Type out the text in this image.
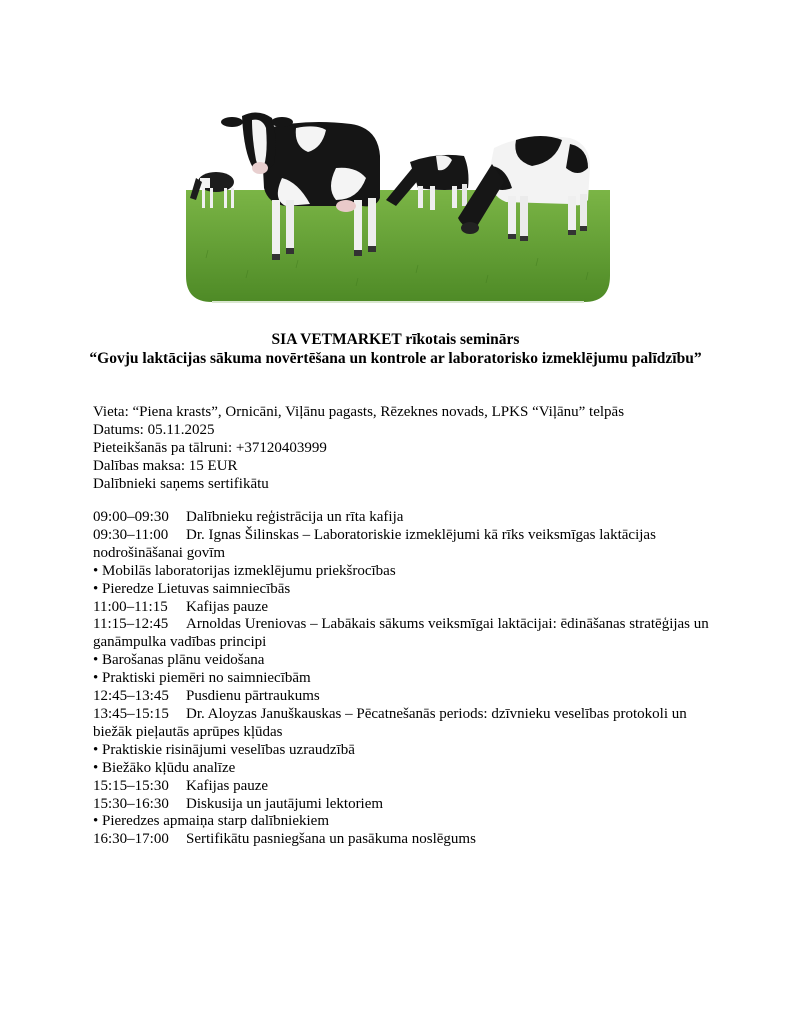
SIA VETMARKET rīkotais seminārs
“Govju laktācijas sākuma novērtēšana un kontrole ar laboratorisko izmeklējumu palīdzību”
Vieta: “Piena krasts”, Ornicāni, Viļānu pagasts, Rēzeknes novads, LPKS “Viļānu” telpās
Datums: 05.11.2025
Pieteikšanās pa tālruni: +37120403999
Dalības maksa: 15 EUR
Dalībnieki saņems sertifikātu
09:00–09:30 Dalībnieku reģistrācija un rīta kafija
09:30–11:00 Dr. Ignas Šilinskas – Laboratoriskie izmeklējumi kā rīks veiksmīgas laktācijas nodrošināšanai govīm
• Mobilās laboratorijas izmeklējumu priekšrocības
• Pieredze Lietuvas saimniecībās
11:00–11:15 Kafijas pauze
11:15–12:45 Arnoldas Ureniovas – Labākais sākums veiksmīgai laktācijai: ēdināšanas stratēģijas un ganāmpulka vadības principi
• Barošanas plānu veidošana
• Praktiski piemēri no saimniecībām
12:45–13:45 Pusdienu pārtraukums
13:45–15:15 Dr. Aloyzas Januškauskas – Pēcatnešanās periods: dzīvnieku veselības protokoli un biežāk pieļautās aprūpes kļūdas
• Praktiskie risinājumi veselības uzraudzībā
• Biežāko kļūdu analīze
15:15–15:30 Kafijas pauze
15:30–16:30 Diskusija un jautājumi lektoriem
• Pieredzes apmaiņa starp dalībniekiem
16:30–17:00 Sertifikātu pasniegšana un pasākuma noslēgums
